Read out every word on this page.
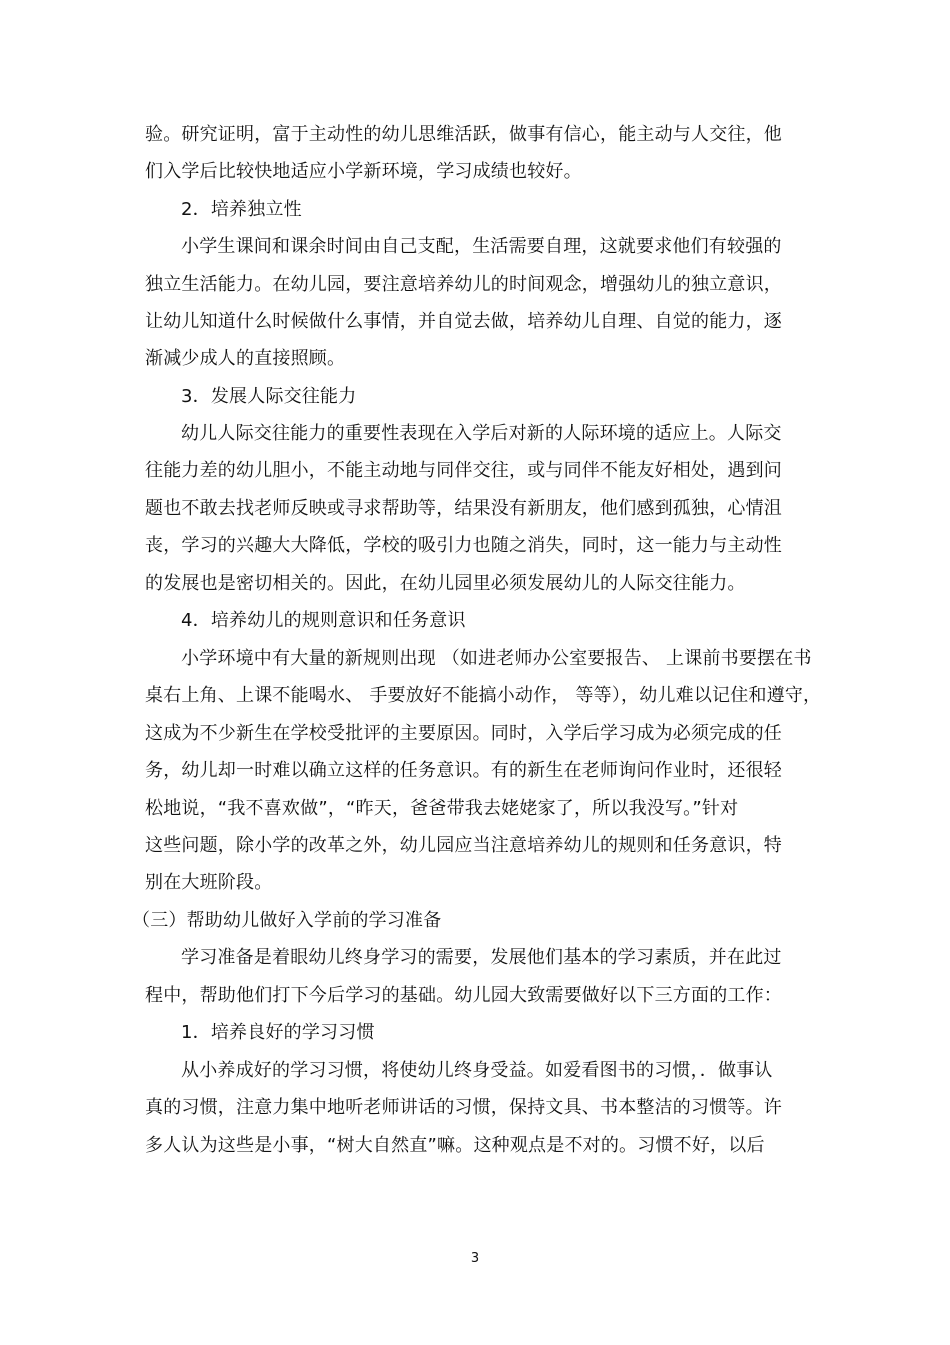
验。研究证明，富于主动性的幼儿思维活跃，做事有信心，能主动与人交往，他
们入学后比较快地适应小学新环境，学习成绩也较好。
2．培养独立性
小学生课间和课余时间由自己支配，生活需要自理，这就要求他们有较强的
独立生活能力。在幼儿园，要注意培养幼儿的时间观念，增强幼儿的独立意识，
让幼儿知道什么时候做什么事情，并自觉去做，培养幼儿自理、自觉的能力，逐
渐减少成人的直接照顾。
3．发展人际交往能力
幼儿人际交往能力的重要性表现在入学后对新的人际环境的适应上。人际交
往能力差的幼儿胆小，不能主动地与同伴交往，或与同伴不能友好相处，遇到问
题也不敢去找老师反映或寻求帮助等，结果没有新朋友，他们感到孤独，心情沮
丧，学习的兴趣大大降低，学校的吸引力也随之消失，同时，这一能力与主动性
的发展也是密切相关的。因此，在幼儿园里必须发展幼儿的人际交往能力。
4．培养幼儿的规则意识和任务意识
小学环境中有大量的新规则出现 （如进老师办公室要报告、 上课前书要摆在书
桌右上角、上课不能喝水、 手要放好不能搞小动作， 等等），幼儿难以记住和遵守，
这成为不少新生在学校受批评的主要原因。同时，入学后学习成为必须完成的任
务，幼儿却一时难以确立这样的任务意识。有的新生在老师询问作业时，还很轻
松地说，“我不喜欢做”，“昨天，爸爸带我去姥姥家了，所以我没写。”针对
这些问题，除小学的改革之外，幼儿园应当注意培养幼儿的规则和任务意识，特
别在大班阶段。
（三）帮助幼儿做好入学前的学习准备
学习准备是着眼幼儿终身学习的需要，发展他们基本的学习素质，并在此过
程中，帮助他们打下今后学习的基础。幼儿园大致需要做好以下三方面的工作：
1．培养良好的学习习惯
从小养成好的学习习惯，将使幼儿终身受益。如爱看图书的习惯，．做事认
真的习惯，注意力集中地听老师讲话的习惯，保持文具、书本整洁的习惯等。许
多人认为这些是小事，“树大自然直”嘛。这种观点是不对的。习惯不好，以后
3
